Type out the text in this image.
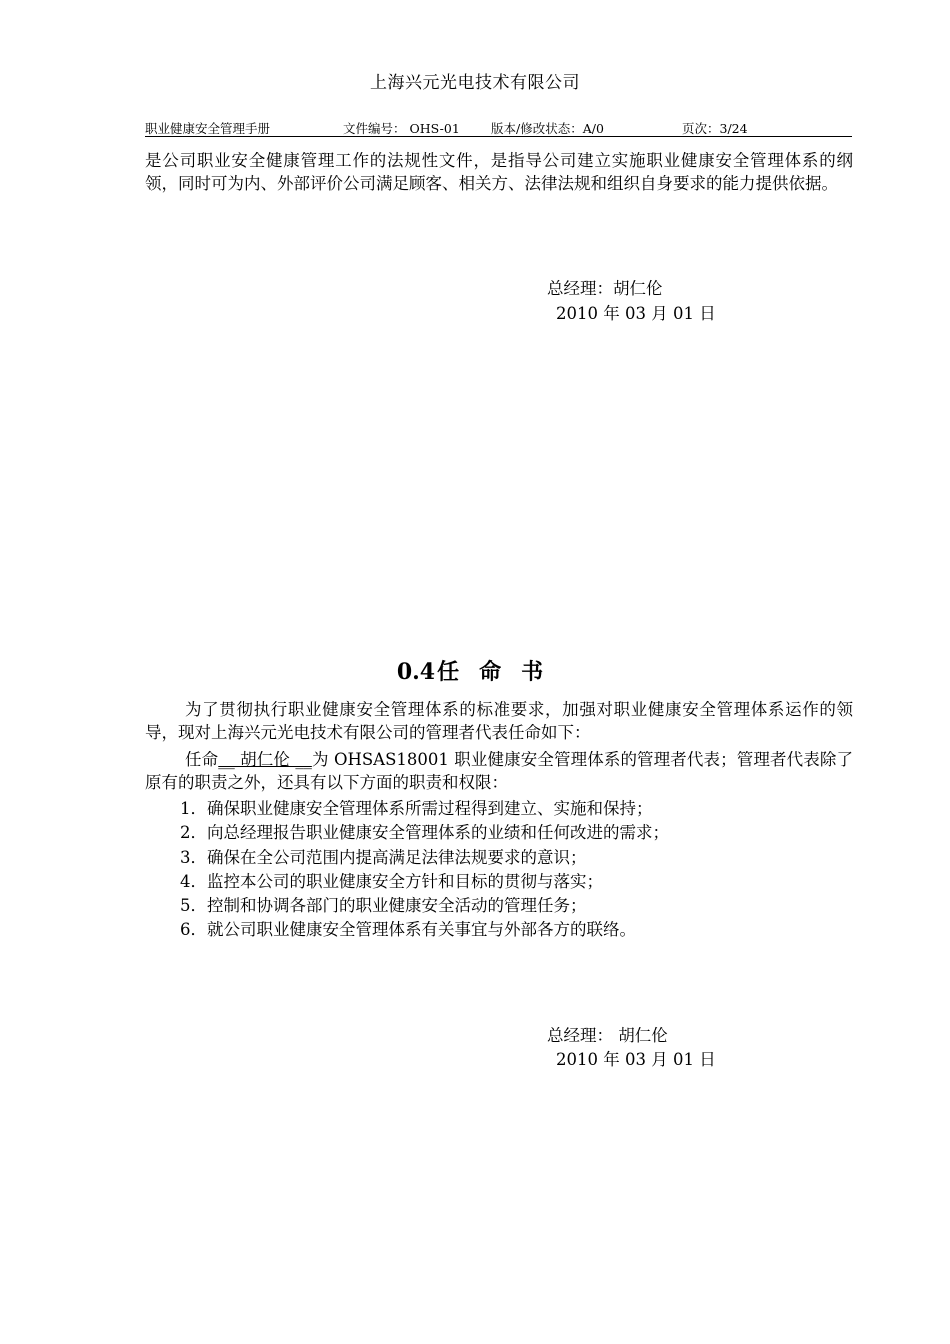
上海兴元光电技术有限公司
职业健康安全管理手册	文件编号： OHS-01 版本/修改状态：A/0	页次：3/24
是公司职业安全健康管理工作的法规性文件，是指导公司建立实施职业健康安全管理体系的纲领，同时可为内、外部评价公司满足顾客、相关方、法律法规和组织自身要求的能力提供依据。
总经理：胡仁伦
2010 年 03 月 01 日
0.4任 命 书
为了贯彻执行职业健康安全管理体系的标准要求，加强对职业健康安全管理体系运作的领导，现对上海兴元光电技术有限公司的管理者代表任命如下：
任命__ 胡仁伦 __为 OHSAS18001 职业健康安全管理体系的管理者代表；管理者代表除了原有的职责之外，还具有以下方面的职责和权限：
1．确保职业健康安全管理体系所需过程得到建立、实施和保持；
2．向总经理报告职业健康安全管理体系的业绩和任何改进的需求；
3．确保在全公司范围内提高满足法律法规要求的意识；
4．监控本公司的职业健康安全方针和目标的贯彻与落实；
5．控制和协调各部门的职业健康安全活动的管理任务；
6．就公司职业健康安全管理体系有关事宜与外部各方的联络。
总经理： 胡仁伦
2010 年 03 月 01 日
